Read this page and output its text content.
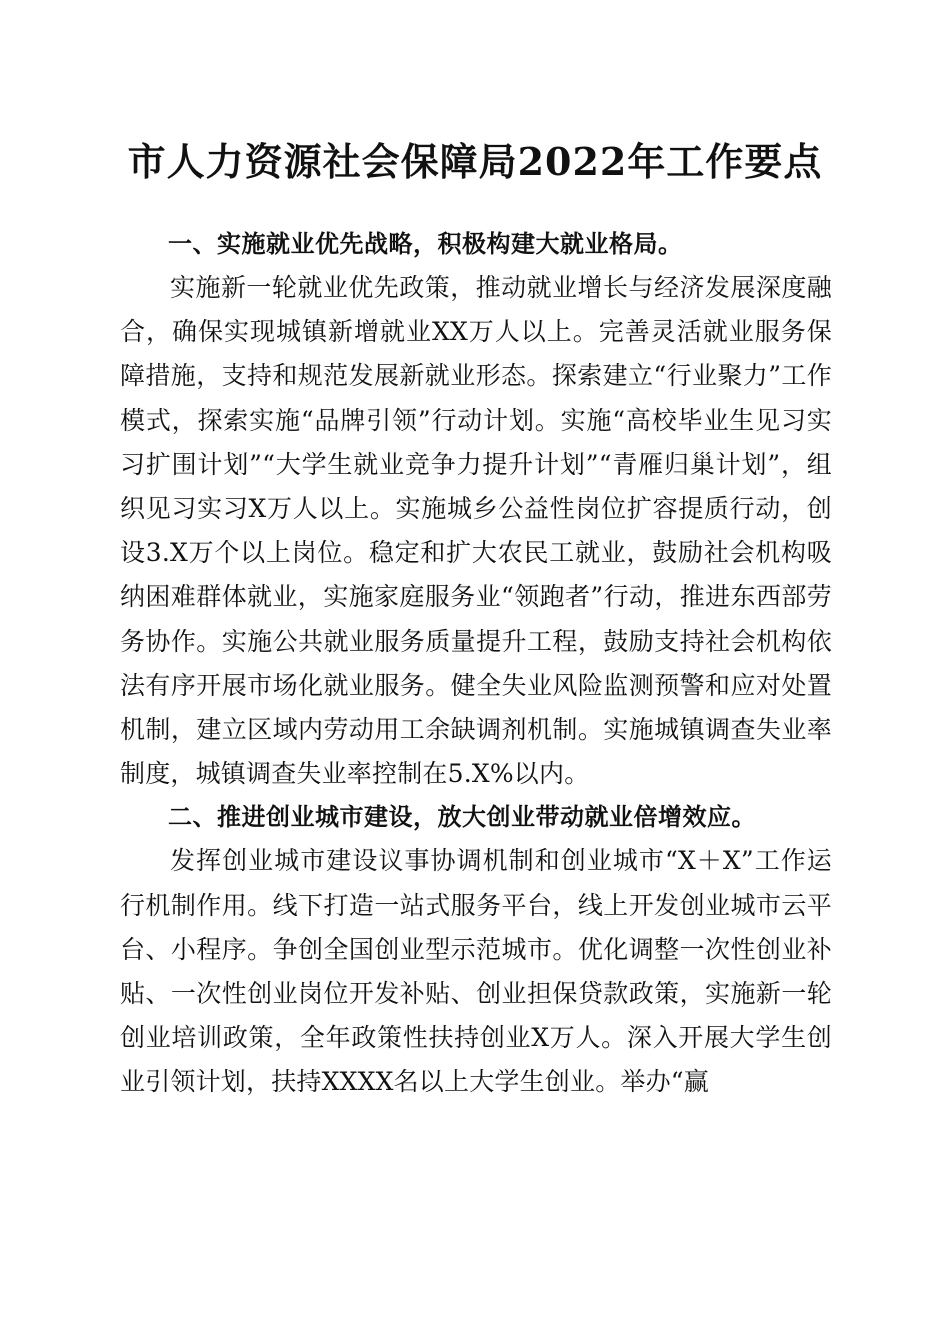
市人力资源社会保障局2022年工作要点

一、实施就业优先战略，积极构建大就业格局。

实施新一轮就业优先政策，推动就业增长与经济发展深度融合，确保实现城镇新增就业XX万人以上。完善灵活就业服务保障措施，支持和规范发展新就业形态。探索建立“行业聚力”工作模式，探索实施“品牌引领”行动计划。实施“高校毕业生见习实习扩围计划”“大学生就业竞争力提升计划”“青雁归巢计划”，组织见习实习X万人以上。实施城乡公益性岗位扩容提质行动，创设3.X万个以上岗位。稳定和扩大农民工就业，鼓励社会机构吸纳困难群体就业，实施家庭服务业“领跑者”行动，推进东西部劳务协作。实施公共就业服务质量提升工程，鼓励支持社会机构依法有序开展市场化就业服务。健全失业风险监测预警和应对处置机制，建立区域内劳动用工余缺调剂机制。实施城镇调查失业率制度，城镇调查失业率控制在5.X%以内。

二、推进创业城市建设，放大创业带动就业倍增效应。

发挥创业城市建设议事协调机制和创业城市“X＋X”工作运行机制作用。线下打造一站式服务平台，线上开发创业城市云平台、小程序。争创全国创业型示范城市。优化调整一次性创业补贴、一次性创业岗位开发补贴、创业担保贷款政策，实施新一轮创业培训政策，全年政策性扶持创业X万人。深入开展大学生创业引领计划，扶持XXXX名以上大学生创业。举办“赢
